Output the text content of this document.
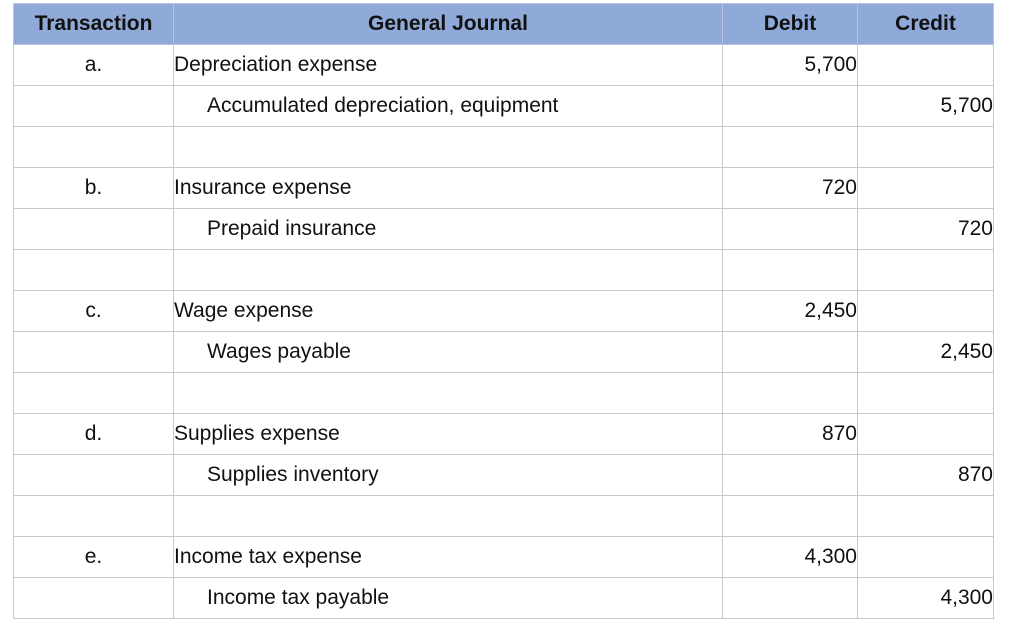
Transaction	General Journal	Debit	Credit
a.	Depreciation expense	5,700	
	Accumulated depreciation, equipment		5,700

b.	Insurance expense	720	
	Prepaid insurance		720

c.	Wage expense	2,450	
	Wages payable		2,450

d.	Supplies expense	870	
	Supplies inventory		870

e.	Income tax expense	4,300	
	Income tax payable		4,300
